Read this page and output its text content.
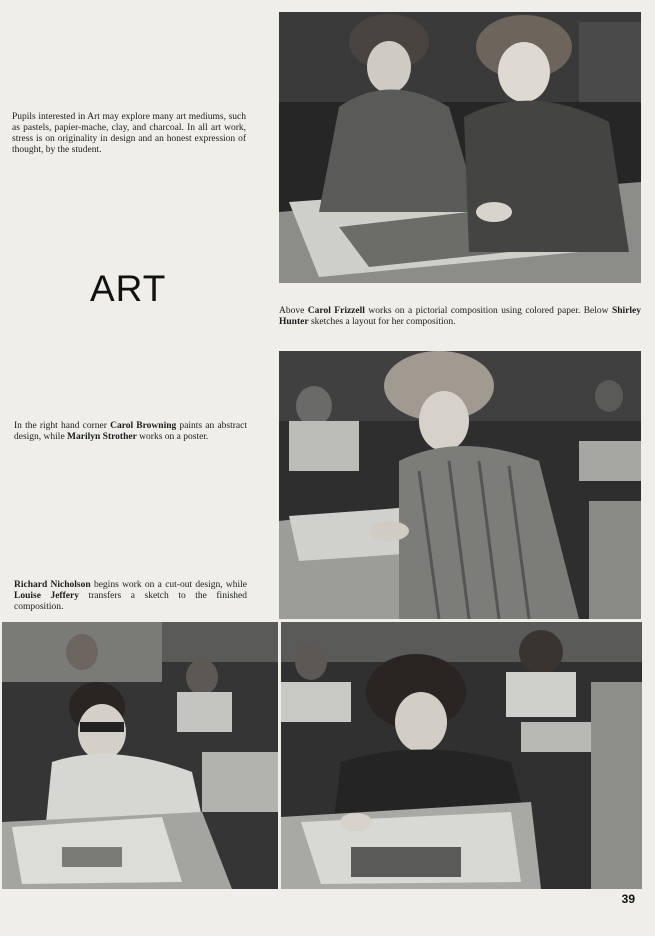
Pupils interested in Art may explore many art mediums, such as pastels, papier-mache, clay, and charcoal. In all art work, stress is on originality in design and an honest expression of thought, by the student.
ART
Above Carol Frizzell works on a pictorial composition using colored paper. Below Shirley Hunter sketches a layout for her composition.
In the right hand corner Carol Browning paints an abstract design, while Marilyn Strother works on a poster.
Richard Nicholson begins work on a cut-out design, while Louise Jeffery transfers a sketch to the finished composition.
39
